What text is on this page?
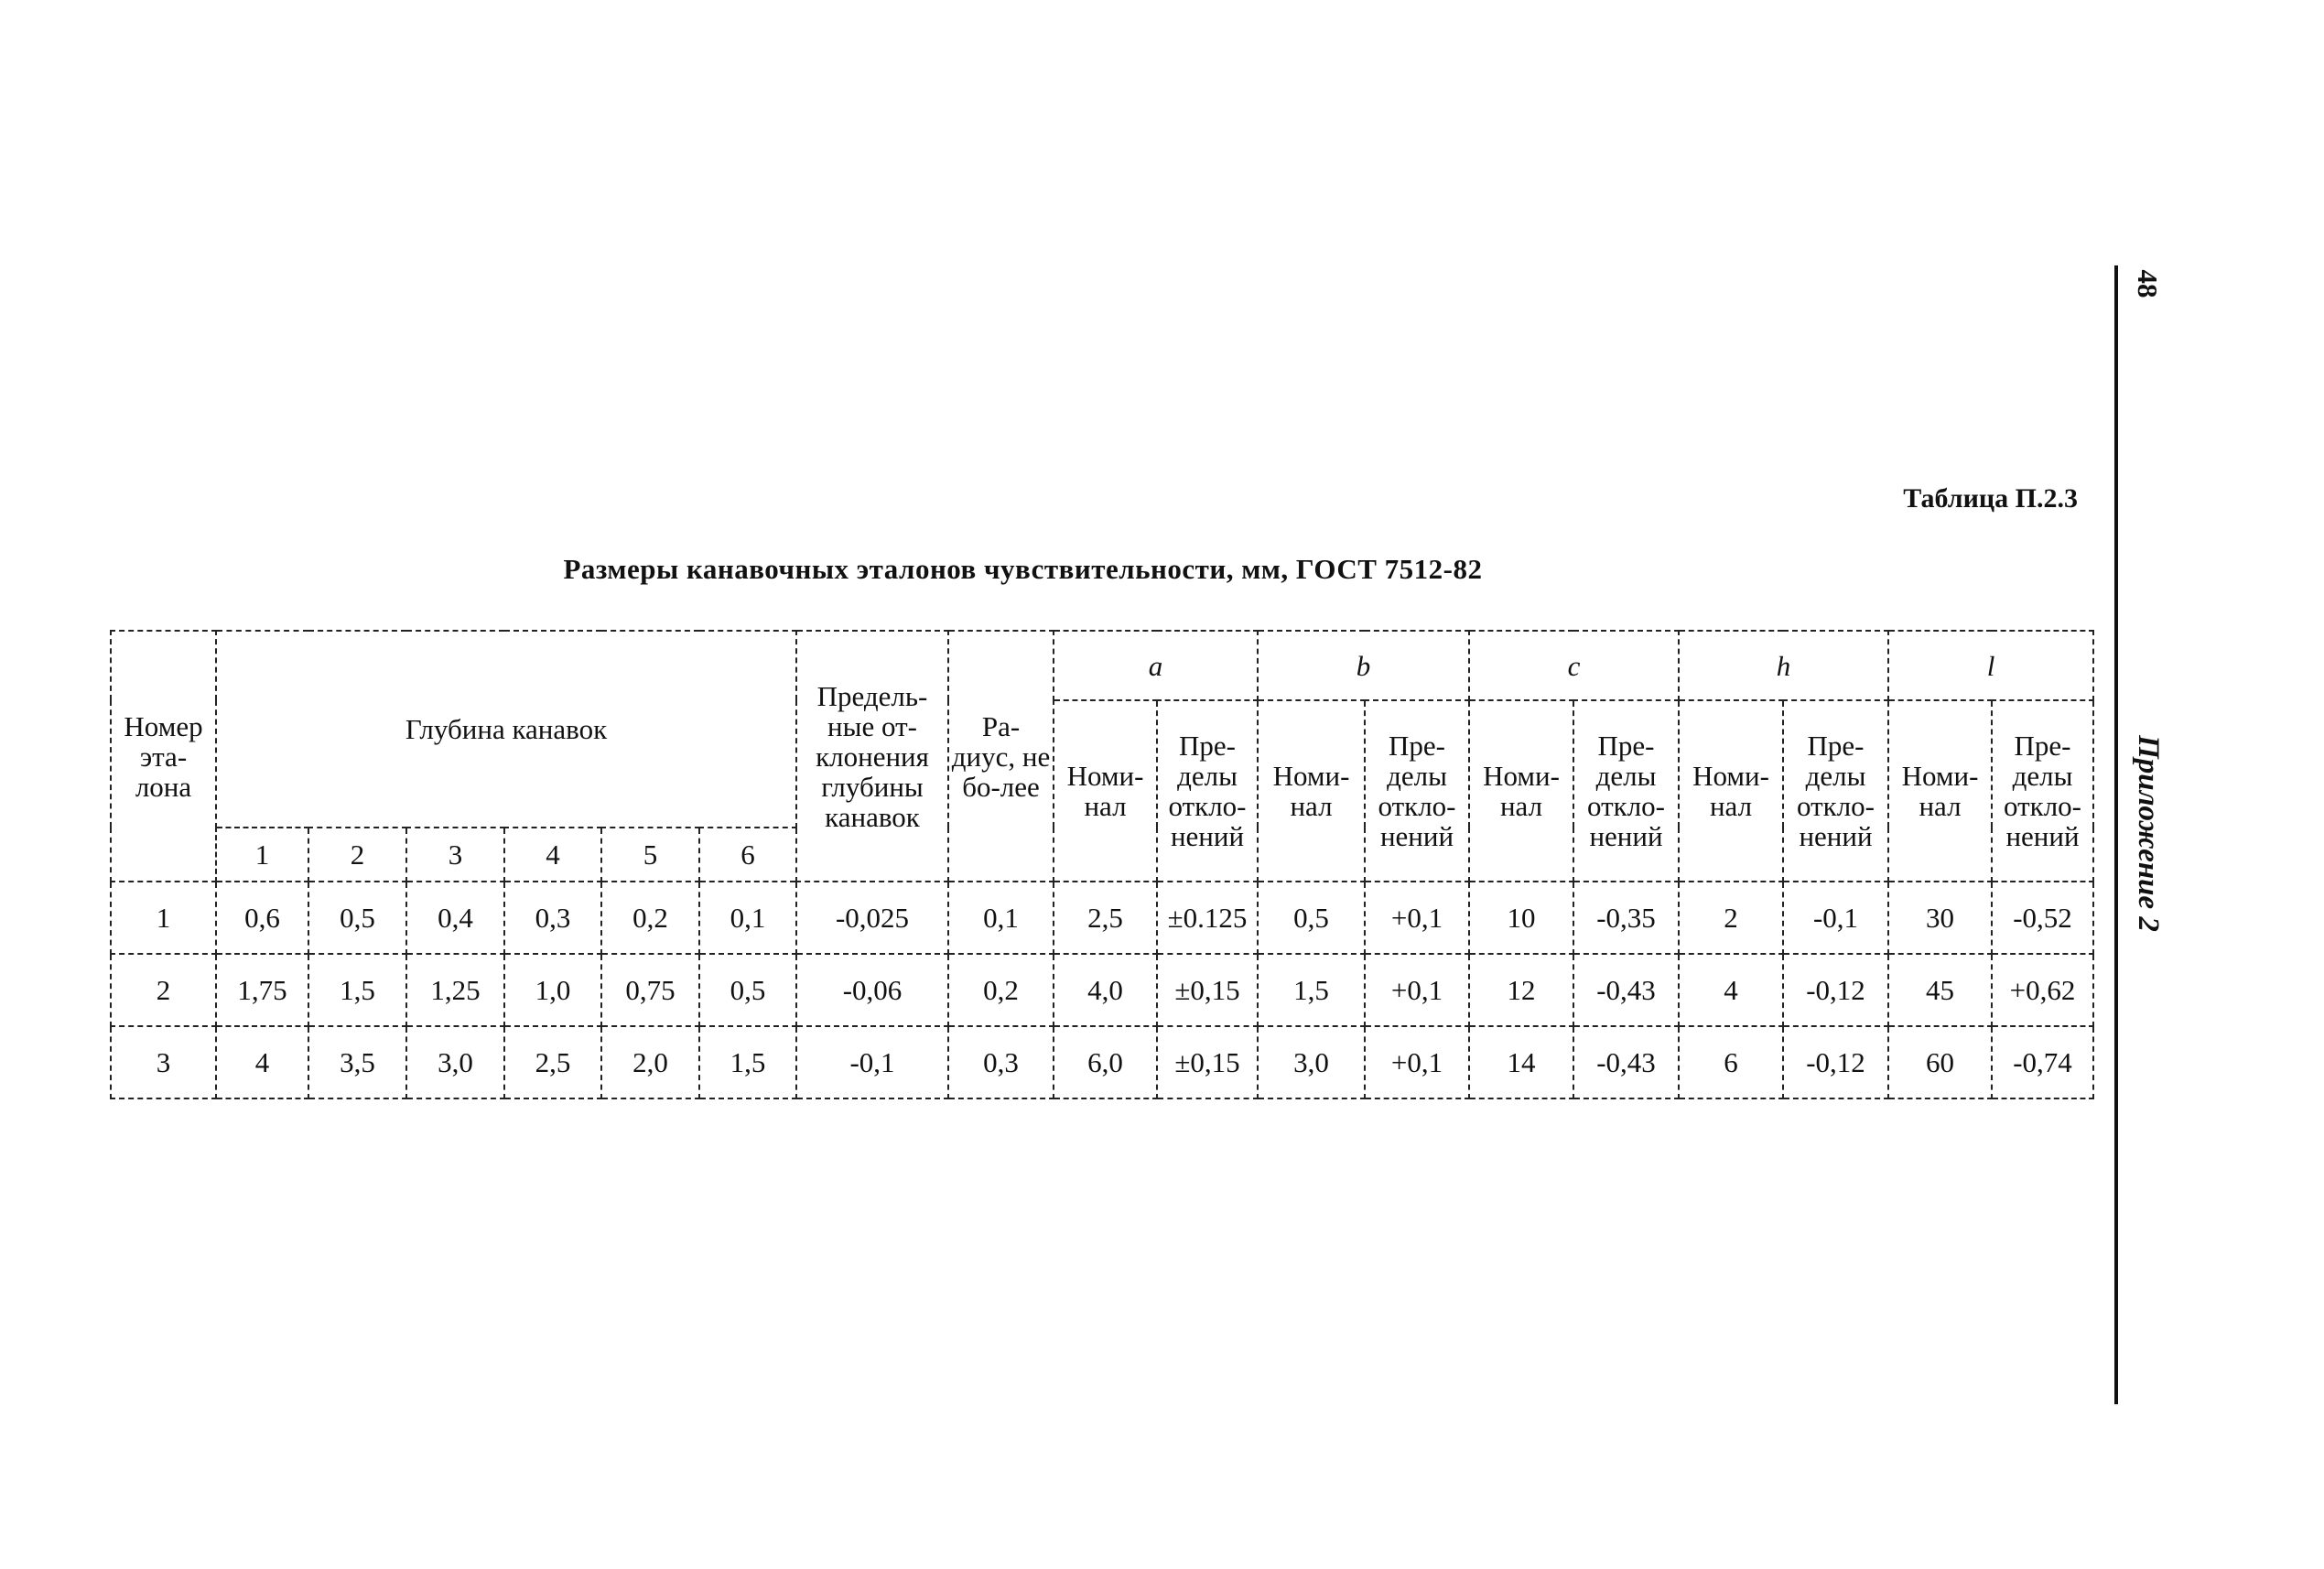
Таблица П.2.3
Размеры канавочных эталонов чувствительности, мм, ГОСТ 7512-82
Номер эта-лона	Глубина канавок						Предель-ные от-клонения глубины канавок	Ра-диус, не бо-лее	a		b		c		h		l	
									Номи-нал	Пре-делы откло-нений	Номи-нал	Пре-делы откло-нений	Номи-нал	Пре-делы откло-нений	Номи-нал	Пре-делы откло-нений	Номи-нал	Пре-делы откло-нений
	1	2	3	4	5	6												
1	0,6	0,5	0,4	0,3	0,2	0,1	-0,025	0,1	2,5	±0.125	0,5	+0,1	10	-0,35	2	-0,1	30	-0,52
2	1,75	1,5	1,25	1,0	0,75	0,5	-0,06	0,2	4,0	±0,15	1,5	+0,1	12	-0,43	4	-0,12	45	+0,62
3	4	3,5	3,0	2,5	2,0	1,5	-0,1	0,3	6,0	±0,15	3,0	+0,1	14	-0,43	6	-0,12	60	-0,74
48
Приложение 2
